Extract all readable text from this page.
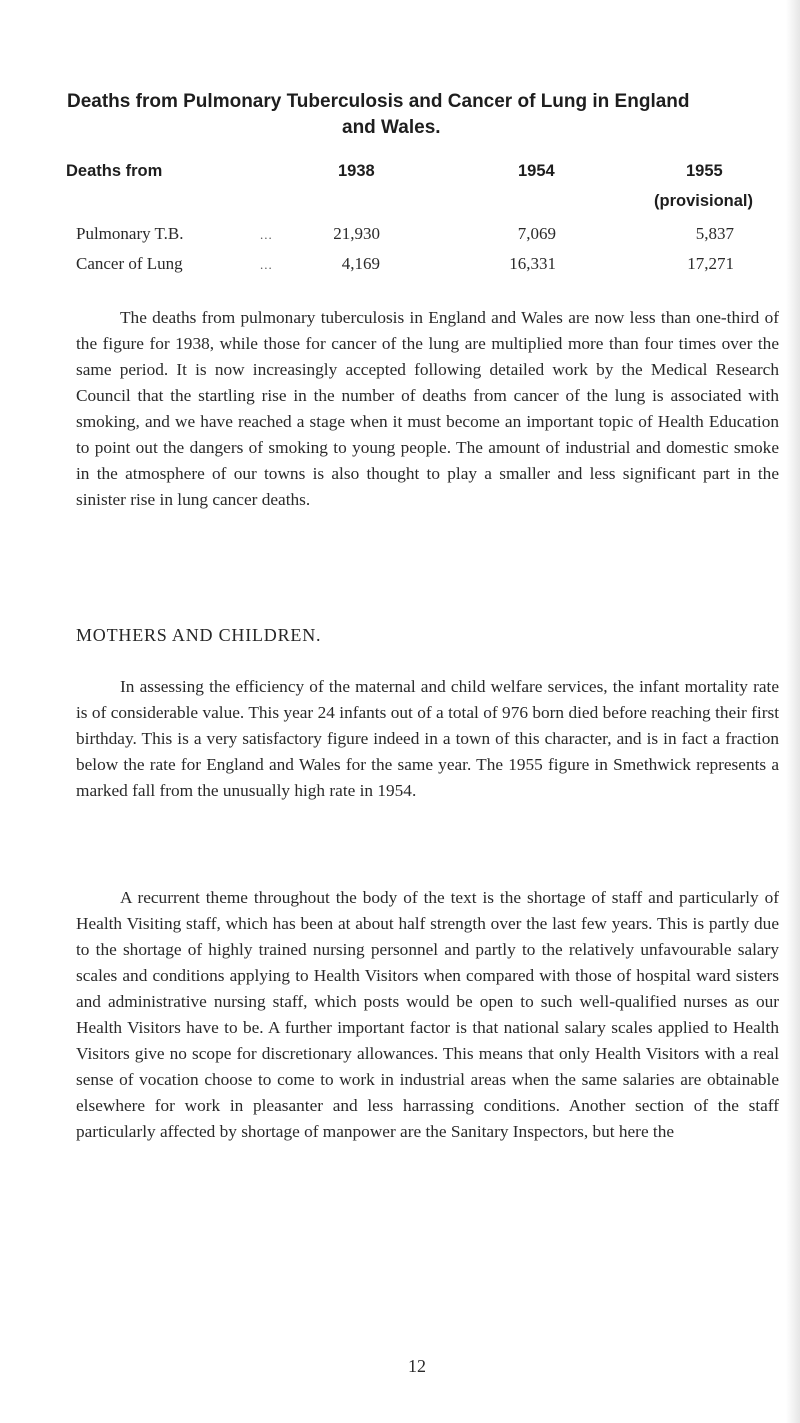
Deaths from Pulmonary Tuberculosis and Cancer of Lung in England
and Wales.
Deaths from	1938	1954	1955
(provisional)
Pulmonary T.B.	...	21,930	7,069	5,837
Cancer of Lung	...	4,169	16,331	17,271

The deaths from pulmonary tuberculosis in England and Wales are now less than one-third of the figure for 1938, while those for cancer of the lung are multiplied more than four times over the same period. It is now increasingly accepted following detailed work by the Medical Research Council that the startling rise in the number of deaths from cancer of the lung is associated with smoking, and we have reached a stage when it must become an important topic of Health Education to point out the dangers of smoking to young people. The amount of industrial and domestic smoke in the atmosphere of our towns is also thought to play a smaller and less significant part in the sinister rise in lung cancer deaths.

MOTHERS AND CHILDREN.

In assessing the efficiency of the maternal and child welfare services, the infant mortality rate is of considerable value. This year 24 infants out of a total of 976 born died before reaching their first birthday. This is a very satisfactory figure indeed in a town of this character, and is in fact a fraction below the rate for England and Wales for the same year. The 1955 figure in Smethwick represents a marked fall from the unusually high rate in 1954.

A recurrent theme throughout the body of the text is the shortage of staff and particularly of Health Visiting staff, which has been at about half strength over the last few years. This is partly due to the shortage of highly trained nursing personnel and partly to the relatively unfavourable salary scales and conditions applying to Health Visitors when compared with those of hospital ward sisters and administrative nursing staff, which posts would be open to such well-qualified nurses as our Health Visitors have to be. A further important factor is that national salary scales applied to Health Visitors give no scope for discretionary allowances. This means that only Health Visitors with a real sense of vocation choose to come to work in industrial areas when the same salaries are obtainable elsewhere for work in pleasanter and less harrassing conditions. Another section of the staff particularly affected by shortage of manpower are the Sanitary Inspectors, but here the

12
